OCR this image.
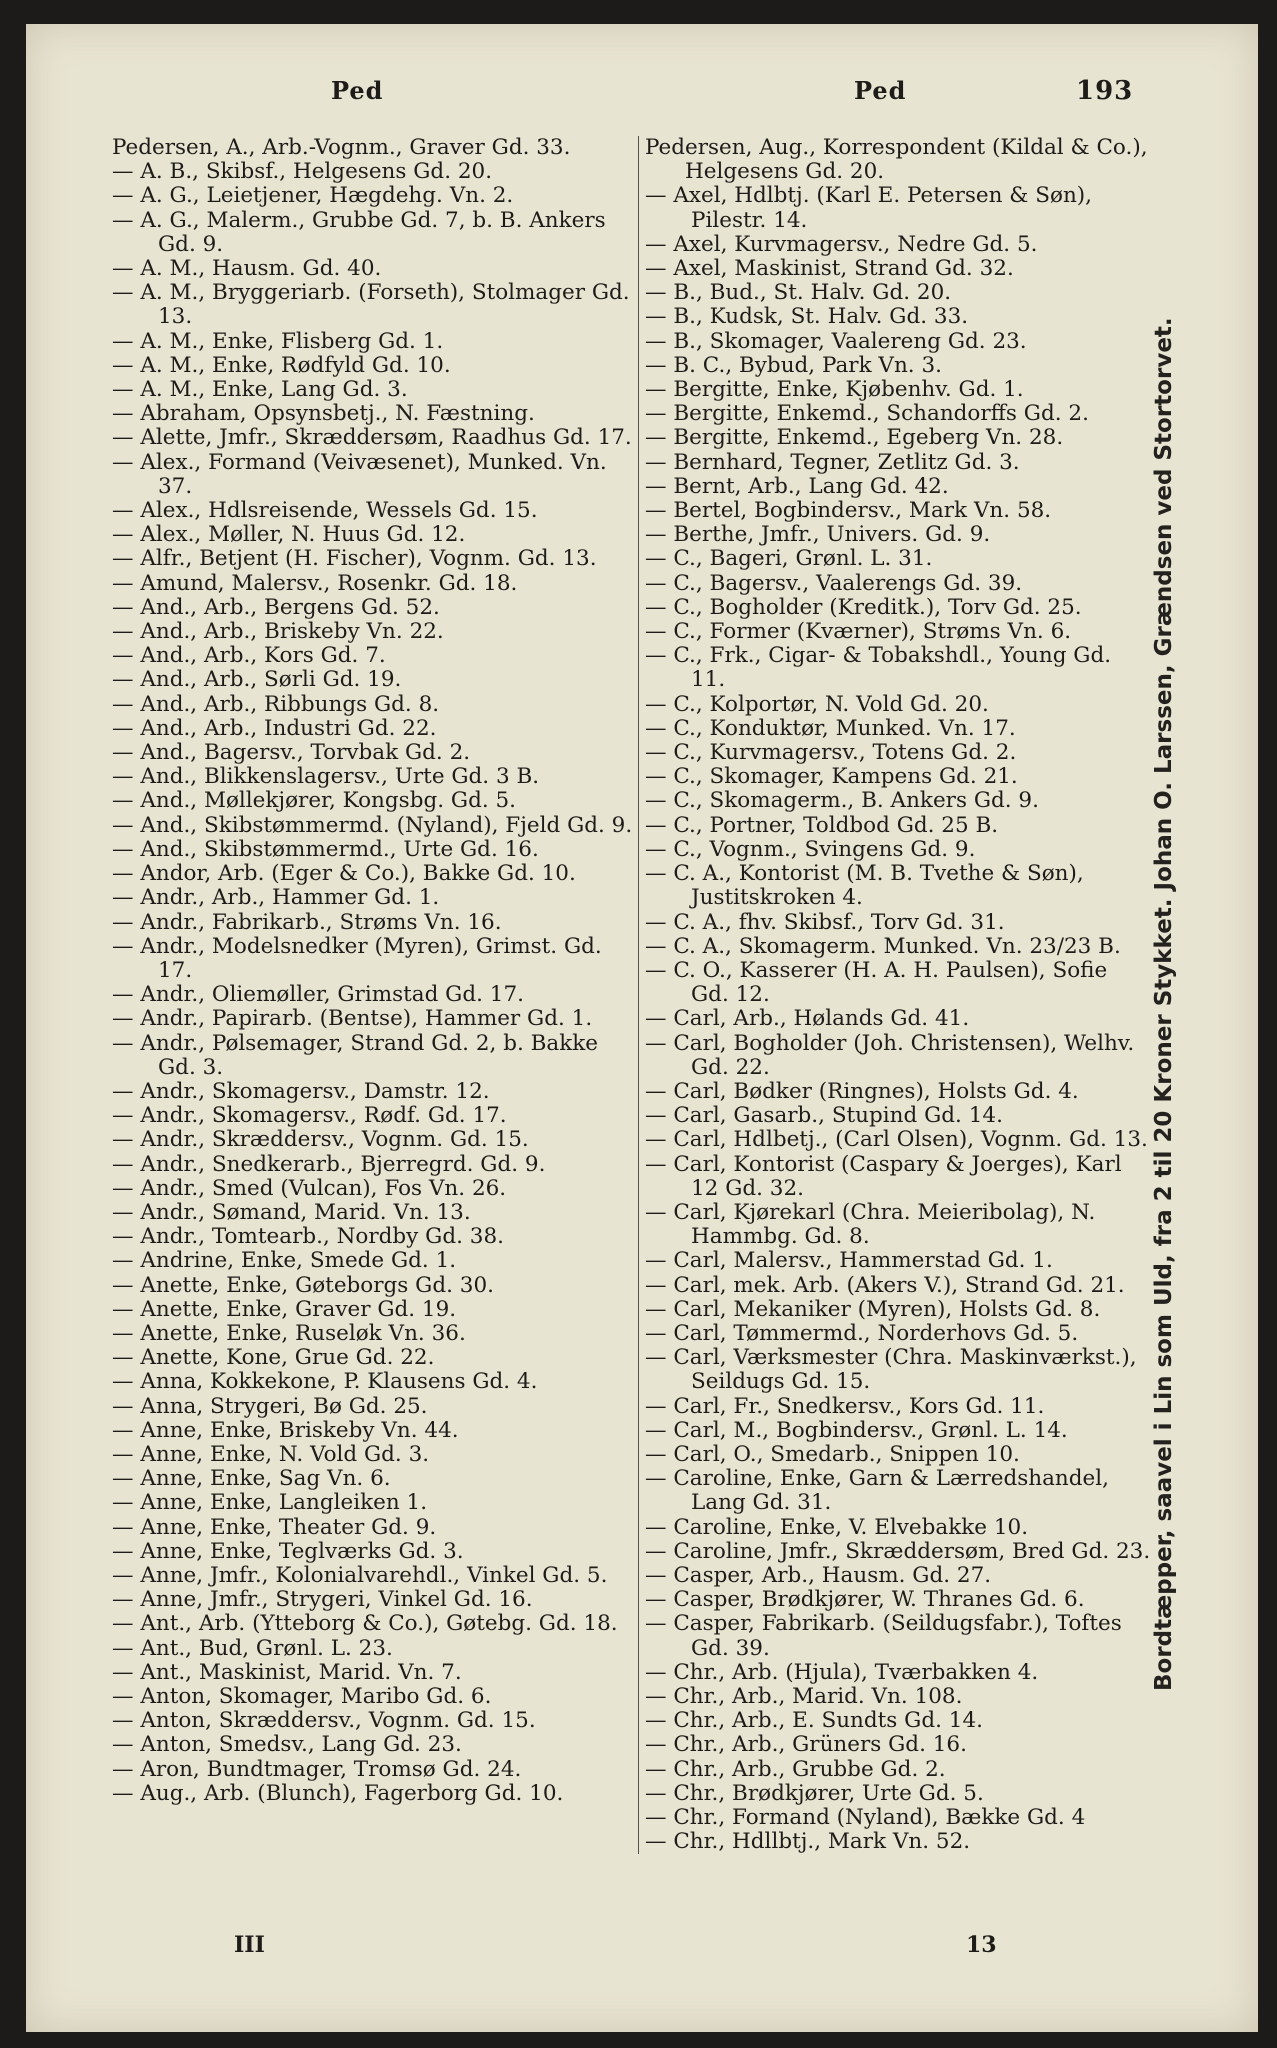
Ped	Ped	193

Pedersen, A., Arb.-Vognm., Graver Gd. 33.

— A. B., Skibsf., Helgesens Gd. 20.

— A. G., Leietjener, Hægdehg. Vn. 2.

— A. G., Malerm., Grubbe Gd. 7, b. B. Ankers Gd. 9.

— A. M., Hausm. Gd. 40.

— A. M., Bryggeriarb. (Forseth), Stolmager Gd. 13.

— A. M., Enke, Flisberg Gd. 1.

— A. M., Enke, Rødfyld Gd. 10.

— A. M., Enke, Lang Gd. 3.

— Abraham, Opsynsbetj., N. Fæstning.

— Alette, Jmfr., Skræddersøm, Raadhus Gd. 17.

— Alex., Formand (Veivæsenet), Munked. Vn. 37.

— Alex., Hdlsreisende, Wessels Gd. 15.

— Alex., Møller, N. Huus Gd. 12.

— Alfr., Betjent (H. Fischer), Vognm. Gd. 13.

— Amund, Malersv., Rosenkr. Gd. 18.

— And., Arb., Bergens Gd. 52.

— And., Arb., Briskeby Vn. 22.

— And., Arb., Kors Gd. 7.

— And., Arb., Sørli Gd. 19.

— And., Arb., Ribbungs Gd. 8.

— And., Arb., Industri Gd. 22.

— And., Bagersv., Torvbak Gd. 2.

— And., Blikkenslagersv., Urte Gd. 3 B.

— And., Møllekjører, Kongsbg. Gd. 5.

— And., Skibstømmermd. (Nyland), Fjeld Gd. 9.

— And., Skibstømmermd., Urte Gd. 16.

— Andor, Arb. (Eger & Co.), Bakke Gd. 10.

— Andr., Arb., Hammer Gd. 1.

— Andr., Fabrikarb., Strøms Vn. 16.

— Andr., Modelsnedker (Myren), Grimst. Gd. 17.

— Andr., Oliemøller, Grimstad Gd. 17.

— Andr., Papirarb. (Bentse), Hammer Gd. 1.

— Andr., Pølsemager, Strand Gd. 2, b. Bakke Gd. 3.

— Andr., Skomagersv., Damstr. 12.

— Andr., Skomagersv., Rødf. Gd. 17.

— Andr., Skræddersv., Vognm. Gd. 15.

— Andr., Snedkerarb., Bjerregrd. Gd. 9.

— Andr., Smed (Vulcan), Fos Vn. 26.

— Andr., Sømand, Marid. Vn. 13.

— Andr., Tomtearb., Nordby Gd. 38.

— Andrine, Enke, Smede Gd. 1.

— Anette, Enke, Gøteborgs Gd. 30.

— Anette, Enke, Graver Gd. 19.

— Anette, Enke, Ruseløk Vn. 36.

— Anette, Kone, Grue Gd. 22.

— Anna, Kokkekone, P. Klausens Gd. 4.

— Anna, Strygeri, Bø Gd. 25.

— Anne, Enke, Briskeby Vn. 44.

— Anne, Enke, N. Vold Gd. 3.

— Anne, Enke, Sag Vn. 6.

— Anne, Enke, Langleiken 1.

— Anne, Enke, Theater Gd. 9.

— Anne, Enke, Teglværks Gd. 3.

— Anne, Jmfr., Kolonialvarehdl., Vinkel Gd. 5.

— Anne, Jmfr., Strygeri, Vinkel Gd. 16.

— Ant., Arb. (Ytteborg & Co.), Gøtebg. Gd. 18.

— Ant., Bud, Grønl. L. 23.

— Ant., Maskinist, Marid. Vn. 7.

— Anton, Skomager, Maribo Gd. 6.

— Anton, Skræddersv., Vognm. Gd. 15.

— Anton, Smedsv., Lang Gd. 23.

— Aron, Bundtmager, Tromsø Gd. 24.

— Aug., Arb. (Blunch), Fagerborg Gd. 10.

Pedersen, Aug., Korrespondent (Kildal & Co.), Helgesens Gd. 20.

— Axel, Hdlbtj. (Karl E. Petersen & Søn), Pilestr. 14.

— Axel, Kurvmagersv., Nedre Gd. 5.

— Axel, Maskinist, Strand Gd. 32.

— B., Bud., St. Halv. Gd. 20.

— B., Kudsk, St. Halv. Gd. 33.

— B., Skomager, Vaalereng Gd. 23.

— B. C., Bybud, Park Vn. 3.

— Bergitte, Enke, Kjøbenhv. Gd. 1.

— Bergitte, Enkemd., Schandorffs Gd. 2.

— Bergitte, Enkemd., Egeberg Vn. 28.

— Bernhard, Tegner, Zetlitz Gd. 3.

— Bernt, Arb., Lang Gd. 42.

— Bertel, Bogbindersv., Mark Vn. 58.

— Berthe, Jmfr., Univers. Gd. 9.

— C., Bageri, Grønl. L. 31.

— C., Bagersv., Vaalerengs Gd. 39.

— C., Bogholder (Kreditk.), Torv Gd. 25.

— C., Former (Kværner), Strøms Vn. 6.

— C., Frk., Cigar- & Tobakshdl., Young Gd. 11.

— C., Kolportør, N. Vold Gd. 20.

— C., Konduktør, Munked. Vn. 17.

— C., Kurvmagersv., Totens Gd. 2.

— C., Skomager, Kampens Gd. 21.

— C., Skomagerm., B. Ankers Gd. 9.

— C., Portner, Toldbod Gd. 25 B.

— C., Vognm., Svingens Gd. 9.

— C. A., Kontorist (M. B. Tvethe & Søn), Justitskroken 4.

— C. A., fhv. Skibsf., Torv Gd. 31.

— C. A., Skomagerm. Munked. Vn. 23/23 B.

— C. O., Kasserer (H. A. H. Paulsen), Sofie Gd. 12.

— Carl, Arb., Hølands Gd. 41.

— Carl, Bogholder (Joh. Christensen), Welhv. Gd. 22.

— Carl, Bødker (Ringnes), Holsts Gd. 4.

— Carl, Gasarb., Stupind Gd. 14.

— Carl, Hdlbetj., (Carl Olsen), Vognm. Gd. 13.

— Carl, Kontorist (Caspary & Joerges), Karl 12 Gd. 32.

— Carl, Kjørekarl (Chra. Meieribolag), N. Hammbg. Gd. 8.

— Carl, Malersv., Hammerstad Gd. 1.

— Carl, mek. Arb. (Akers V.), Strand Gd. 21.

— Carl, Mekaniker (Myren), Holsts Gd. 8.

— Carl, Tømmermd., Norderhovs Gd. 5.

— Carl, Værksmester (Chra. Maskinværkst.), Seildugs Gd. 15.

— Carl, Fr., Snedkersv., Kors Gd. 11.

— Carl, M., Bogbindersv., Grønl. L. 14.

— Carl, O., Smedarb., Snippen 10.

— Caroline, Enke, Garn & Lærredshandel, Lang Gd. 31.

— Caroline, Enke, V. Elvebakke 10.

— Caroline, Jmfr., Skræddersøm, Bred Gd. 23.

— Casper, Arb., Hausm. Gd. 27.

— Casper, Brødkjører, W. Thranes Gd. 6.

— Casper, Fabrikarb. (Seildugsfabr.), Toftes Gd. 39.

— Chr., Arb. (Hjula), Tværbakken 4.

— Chr., Arb., Marid. Vn. 108.

— Chr., Arb., E. Sundts Gd. 14.

— Chr., Arb., Grüners Gd. 16.

— Chr., Arb., Grubbe Gd. 2.

— Chr., Brødkjører, Urte Gd. 5.

— Chr., Formand (Nyland), Bække Gd. 4

— Chr., Hdllbtj., Mark Vn. 52.

Bordtæpper, saavel i Lin som Uld, fra 2 til 20 Kroner Stykket. Johan O. Larssen, Grændsen ved Stortorvet.
III	13
